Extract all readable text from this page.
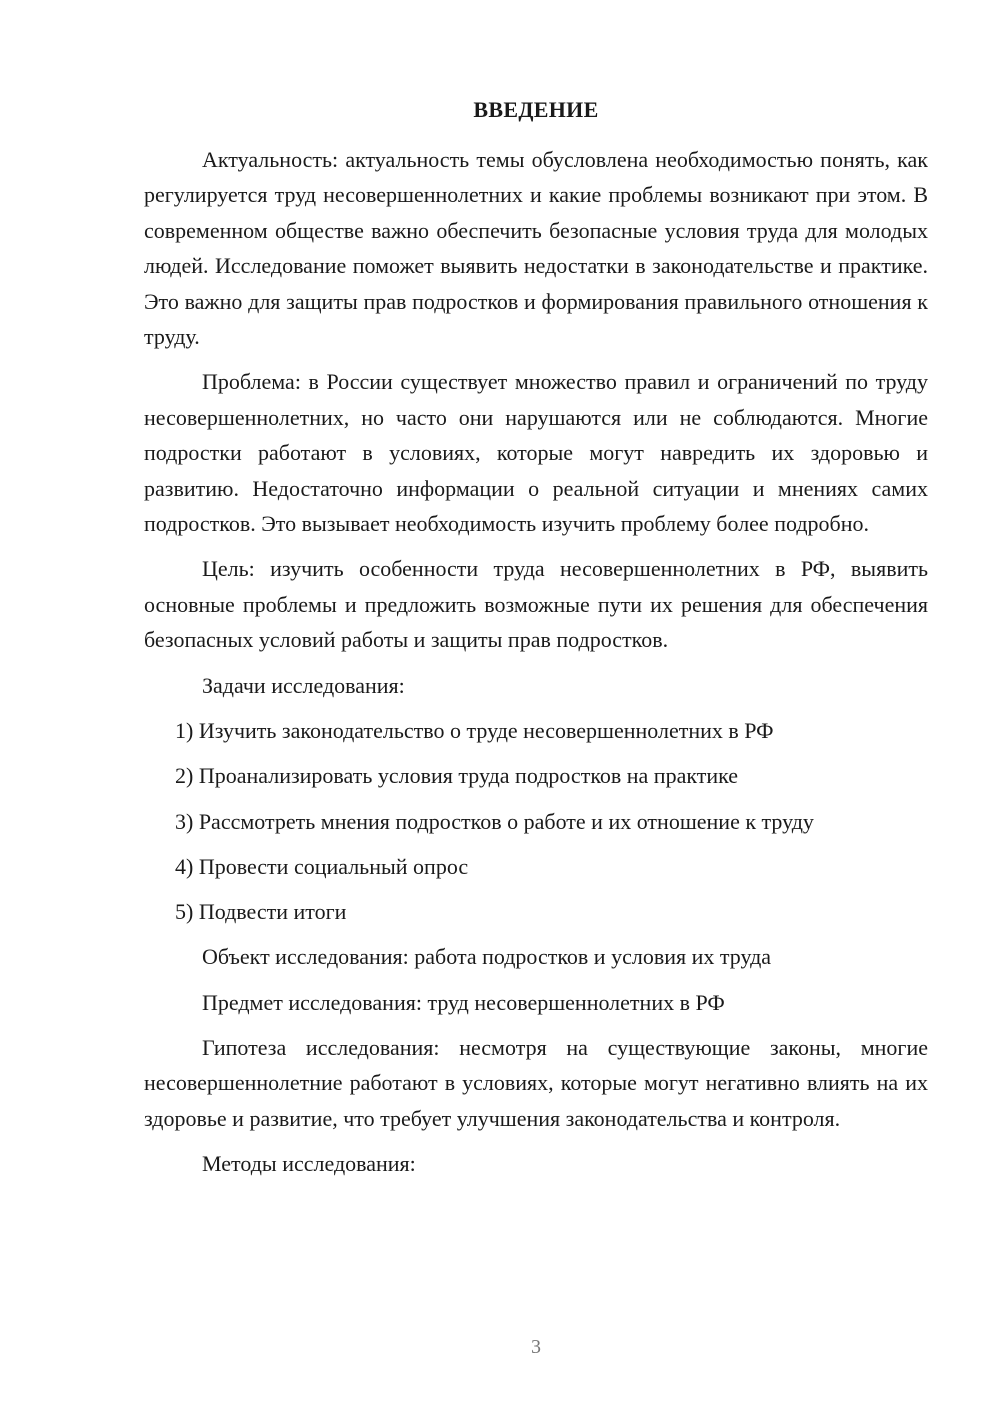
ВВЕДЕНИЕ

Актуальность: актуальность темы обусловлена необходимостью понять, как регулируется труд несовершеннолетних и какие проблемы возникают при этом. В современном обществе важно обеспечить безопасные условия труда для молодых людей. Исследование поможет выявить недостатки в законодательстве и практике. Это важно для защиты прав подростков и формирования правильного отношения к труду.

Проблема: в России существует множество правил и ограничений по труду несовершеннолетних, но часто они нарушаются или не соблюдаются. Многие подростки работают в условиях, которые могут навредить их здоровью и развитию. Недостаточно информации о реальной ситуации и мнениях самих подростков. Это вызывает необходимость изучить проблему более подробно.

Цель: изучить особенности труда несовершеннолетних в РФ, выявить основные проблемы и предложить возможные пути их решения для обеспечения безопасных условий работы и защиты прав подростков.

Задачи исследования:
1) Изучить законодательство о труде несовершеннолетних в РФ
2) Проанализировать условия труда подростков на практике
3) Рассмотреть мнения подростков о работе и их отношение к труду
4) Провести социальный опрос
5) Подвести итоги
Объект исследования: работа подростков и условия их труда
Предмет исследования: труд несовершеннолетних в РФ

Гипотеза исследования: несмотря на существующие законы, многие несовершеннолетние работают в условиях, которые могут негативно влиять на их здоровье и развитие, что требует улучшения законодательства и контроля.

Методы исследования:
3
